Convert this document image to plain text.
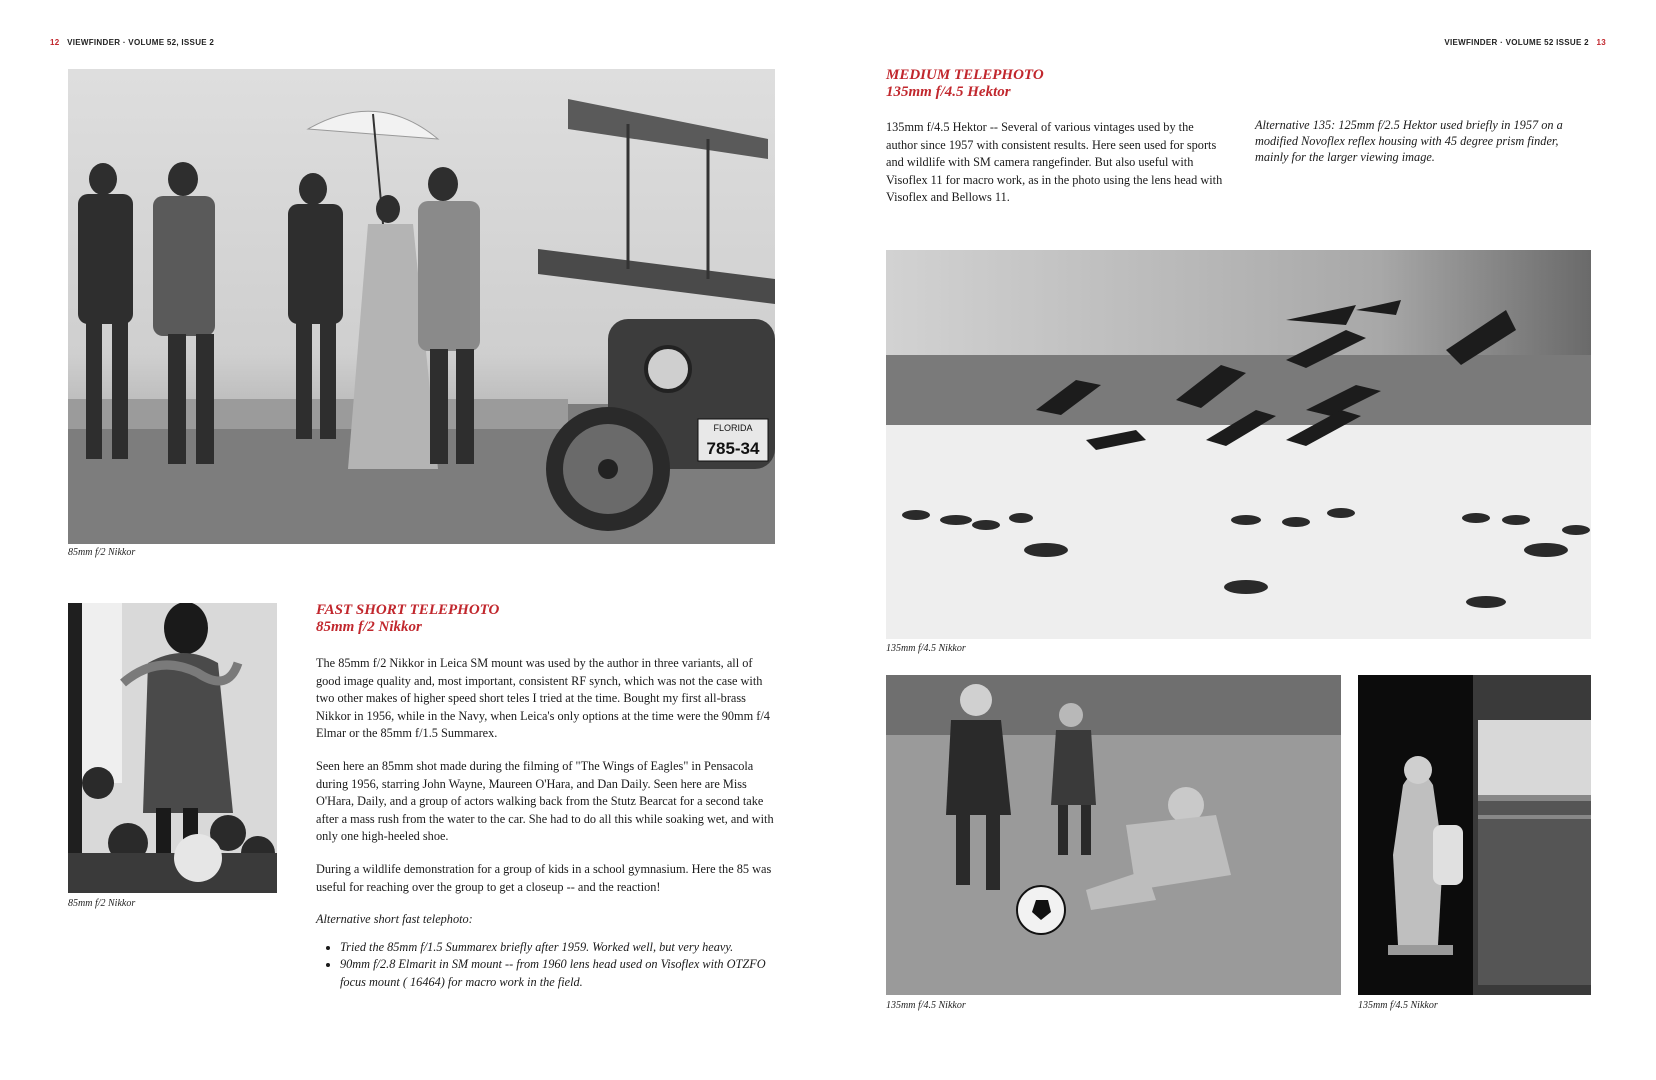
12 VIEWFINDER · VOLUME 52, ISSUE 2
FLORIDA
785-34
85mm f/2 Nikkor
85mm f/2 Nikkor
FAST SHORT TELEPHOTO
85mm f/2 Nikkor

The 85mm f/2 Nikkor in Leica SM mount was used by the author in three variants, all of good image quality and, most important, consistent RF synch, which was not the case with two other makes of higher speed short teles I tried at the time. Bought my first all-brass Nikkor in 1956, while in the Navy, when Leica's only options at the time were the 90mm f/4 Elmar or the 85mm f/1.5 Summarex.

Seen here an 85mm shot made during the filming of "The Wings of Eagles" in Pensacola during 1956, starring John Wayne, Maureen O'Hara, and Dan Daily. Seen here are Miss O'Hara, Daily, and a group of actors walking back from the Stutz Bearcat for a second take after a mass rush from the water to the car. She had to do all this while soaking wet, and with only one high-heeled shoe.

During a wildlife demonstration for a group of kids in a school gymnasium. Here the 85 was useful for reaching over the group to get a closeup -- and the reaction!

Alternative short fast telephoto:

• Tried the 85mm f/1.5 Summarex briefly after 1959. Worked well, but very heavy.
• 90mm f/2.8 Elmarit in SM mount -- from 1960 lens head used on Visoflex with OTZFO focus mount ( 16464) for macro work in the field.
VIEWFINDER · VOLUME 52 ISSUE 2 13
MEDIUM TELEPHOTO
135mm f/4.5 Hektor
135mm f/4.5 Hektor -- Several of various vintages used by the author since 1957 with consistent results. Here seen used for sports and wildlife with SM camera rangefinder. But also useful with Visoflex 11 for macro work, as in the photo using the lens head with Visoflex and Bellows 11.
Alternative 135: 125mm f/2.5 Hektor used briefly in 1957 on a modified Novoflex reflex housing with 45 degree prism finder, mainly for the larger viewing image.
135mm f/4.5 Nikkor
135mm f/4.5 Nikkor	135mm f/4.5 Nikkor
